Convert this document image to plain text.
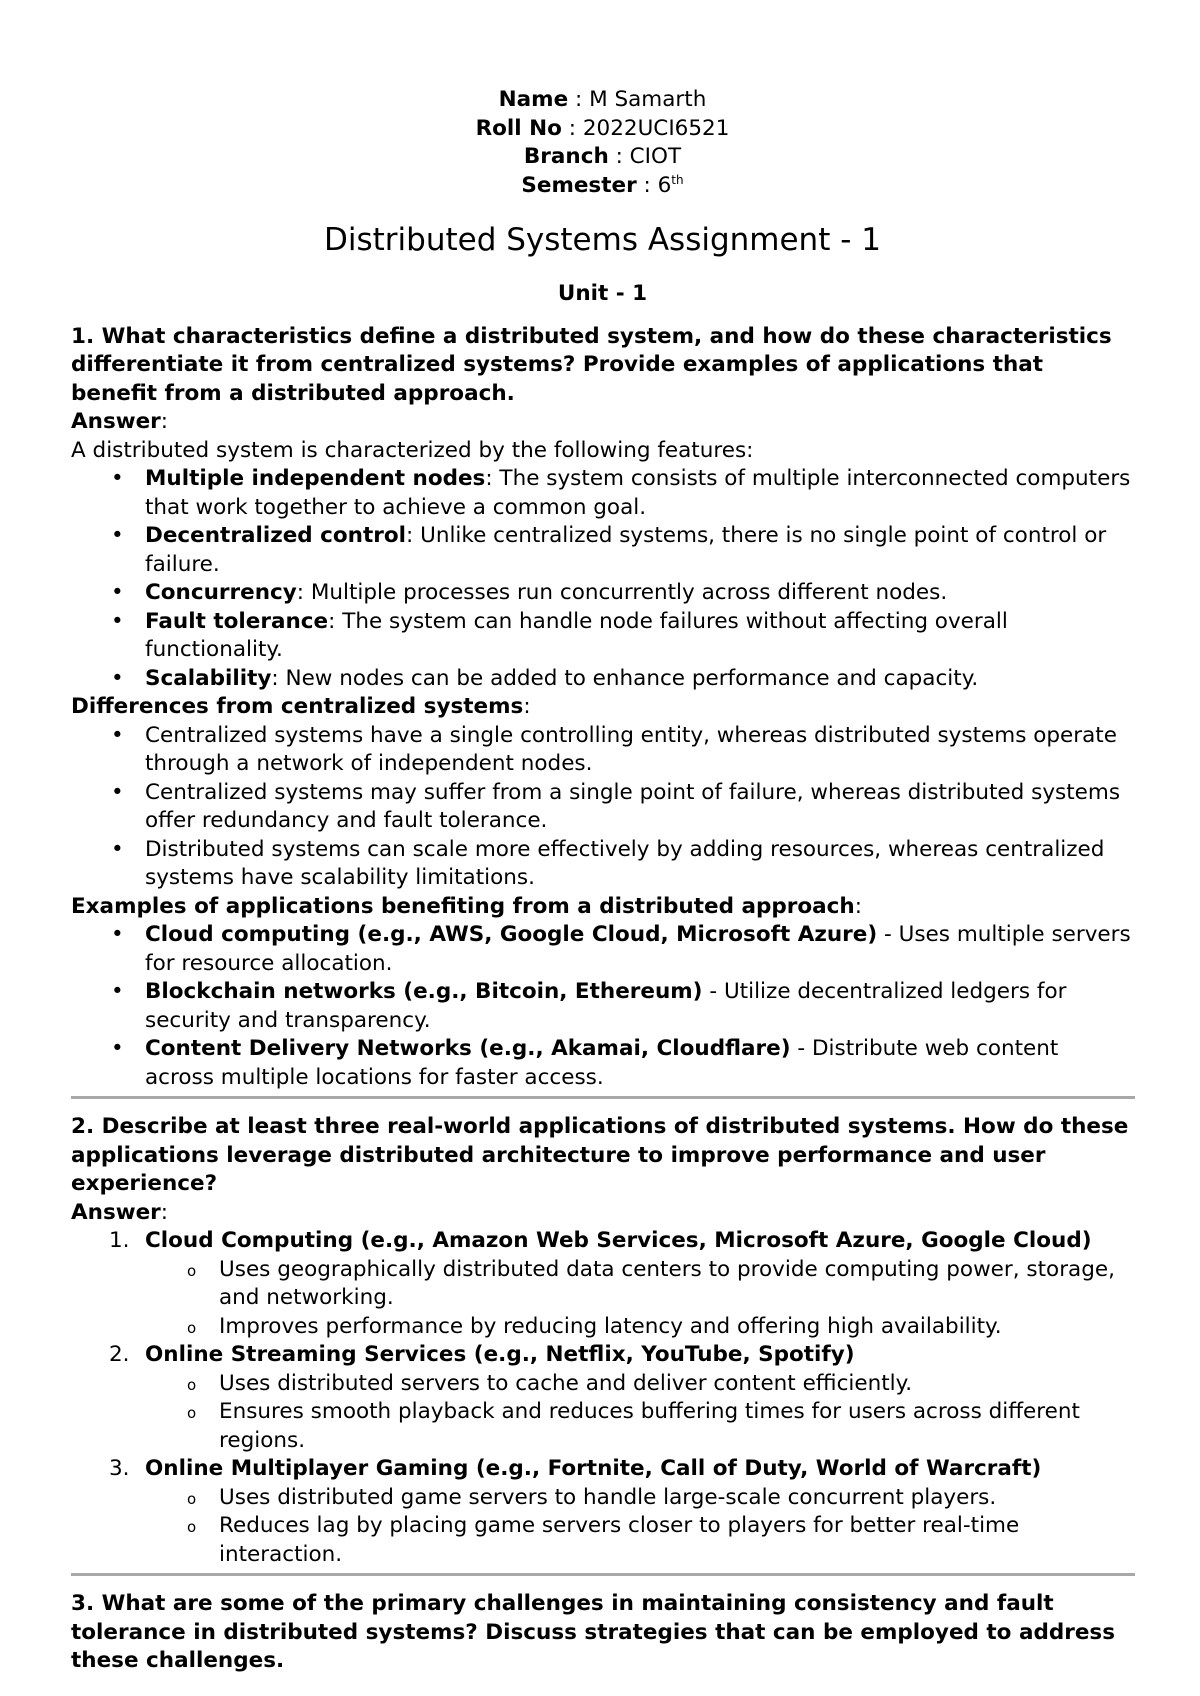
Name : M Samarth
Roll No : 2022UCI6521
Branch : CIOT
Semester : 6th
Distributed Systems Assignment - 1
Unit - 1
1. What characteristics define a distributed system, and how do these characteristics differentiate it from centralized systems? Provide examples of applications that benefit from a distributed approach.
Answer:
A distributed system is characterized by the following features:
• Multiple independent nodes: The system consists of multiple interconnected computers that work together to achieve a common goal.
• Decentralized control: Unlike centralized systems, there is no single point of control or failure.
• Concurrency: Multiple processes run concurrently across different nodes.
• Fault tolerance: The system can handle node failures without affecting overall functionality.
• Scalability: New nodes can be added to enhance performance and capacity.
Differences from centralized systems:
• Centralized systems have a single controlling entity, whereas distributed systems operate through a network of independent nodes.
• Centralized systems may suffer from a single point of failure, whereas distributed systems offer redundancy and fault tolerance.
• Distributed systems can scale more effectively by adding resources, whereas centralized systems have scalability limitations.
Examples of applications benefiting from a distributed approach:
• Cloud computing (e.g., AWS, Google Cloud, Microsoft Azure) - Uses multiple servers for resource allocation.
• Blockchain networks (e.g., Bitcoin, Ethereum) - Utilize decentralized ledgers for security and transparency.
• Content Delivery Networks (e.g., Akamai, Cloudflare) - Distribute web content across multiple locations for faster access.
2. Describe at least three real-world applications of distributed systems. How do these applications leverage distributed architecture to improve performance and user experience?
Answer:
1. Cloud Computing (e.g., Amazon Web Services, Microsoft Azure, Google Cloud)
o Uses geographically distributed data centers to provide computing power, storage, and networking.
o Improves performance by reducing latency and offering high availability.
2. Online Streaming Services (e.g., Netflix, YouTube, Spotify)
o Uses distributed servers to cache and deliver content efficiently.
o Ensures smooth playback and reduces buffering times for users across different regions.
3. Online Multiplayer Gaming (e.g., Fortnite, Call of Duty, World of Warcraft)
o Uses distributed game servers to handle large-scale concurrent players.
o Reduces lag by placing game servers closer to players for better real-time interaction.
3. What are some of the primary challenges in maintaining consistency and fault tolerance in distributed systems? Discuss strategies that can be employed to address these challenges.
